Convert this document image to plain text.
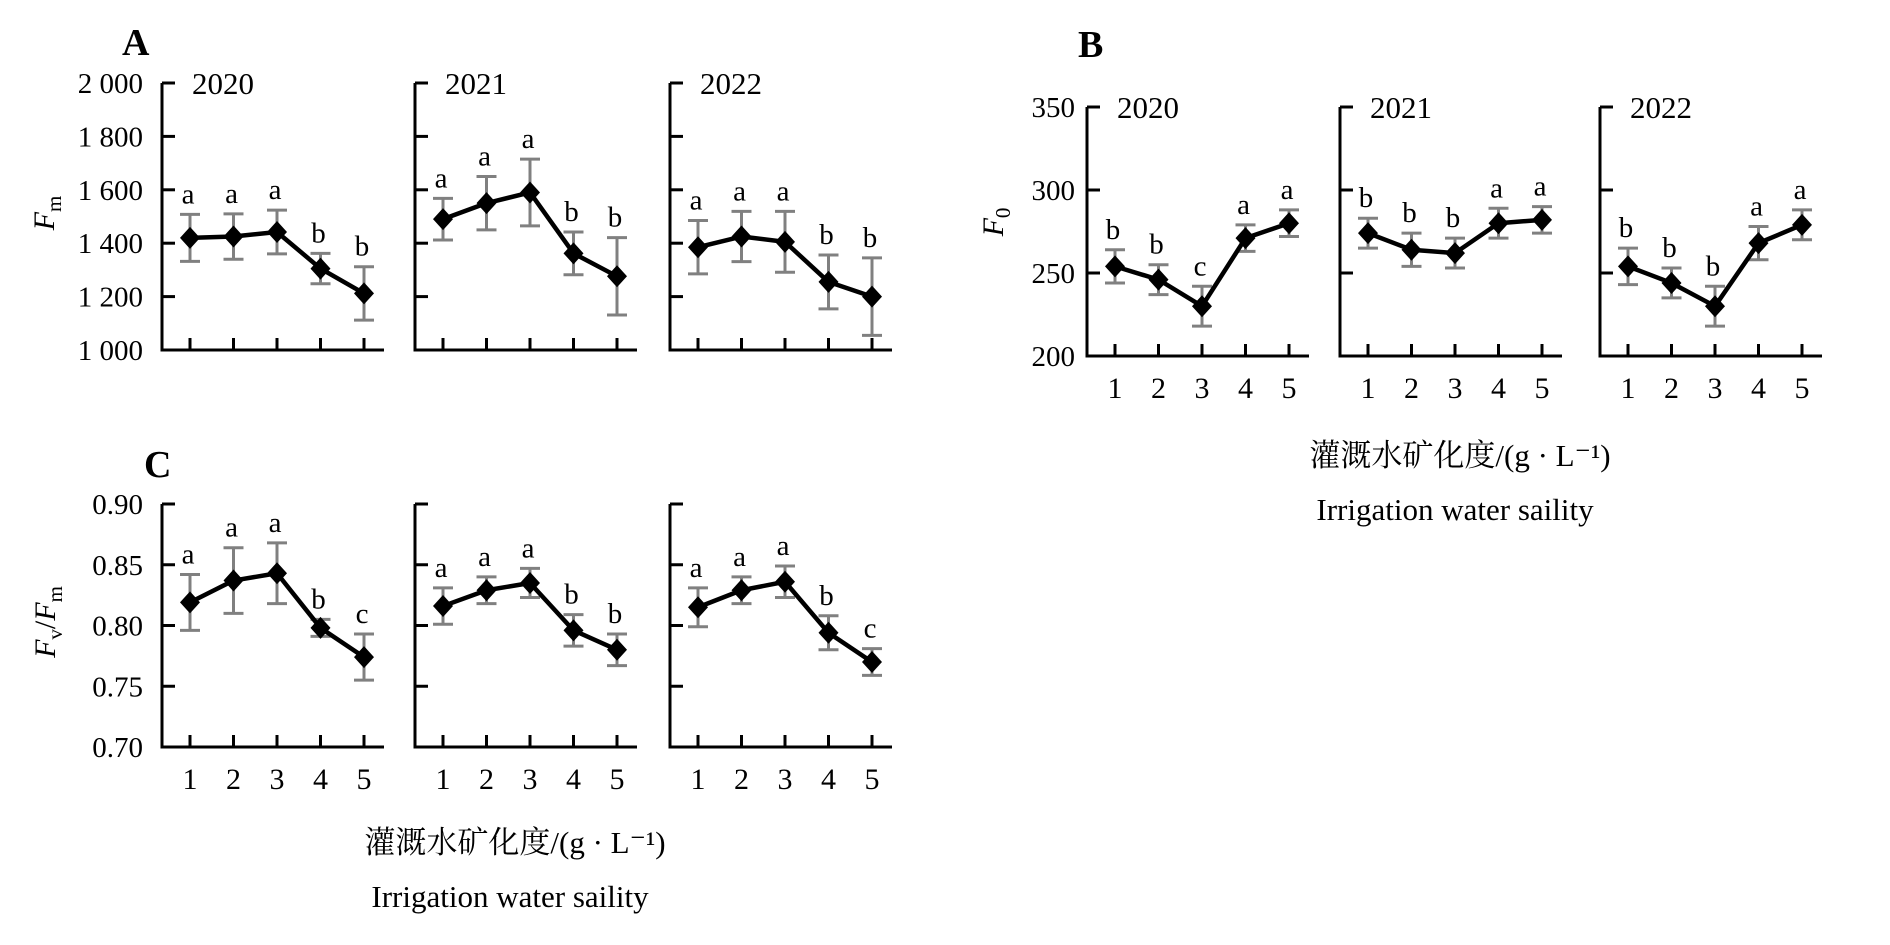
2 000
1 800
1 600
1 400
1 200
1 000
2020
a a a
b b
2021
a
a
a
b b
2022
a a a
b b
350
300
250
200
1 2 3 4 5
2020
b b
c
a a
1 2 3 4 5
2021
b b b
a a
1 2 3 4 5
2022
b
b
b
a
a
0.90
0.85
0.80
0.75
0.70
1 2 3 4 5
a
a a
b c
1 2 3 4 5
a a a
b
b
1 2 3 4 5
a a a
b
c
A	B
C
$F_m$
$F_0$
$F_v/F_m$
灌溉水矿化度/(g · L⁻¹)
Irrigation water saility
灌溉水矿化度/(g · L⁻¹)
Irrigation water saility
